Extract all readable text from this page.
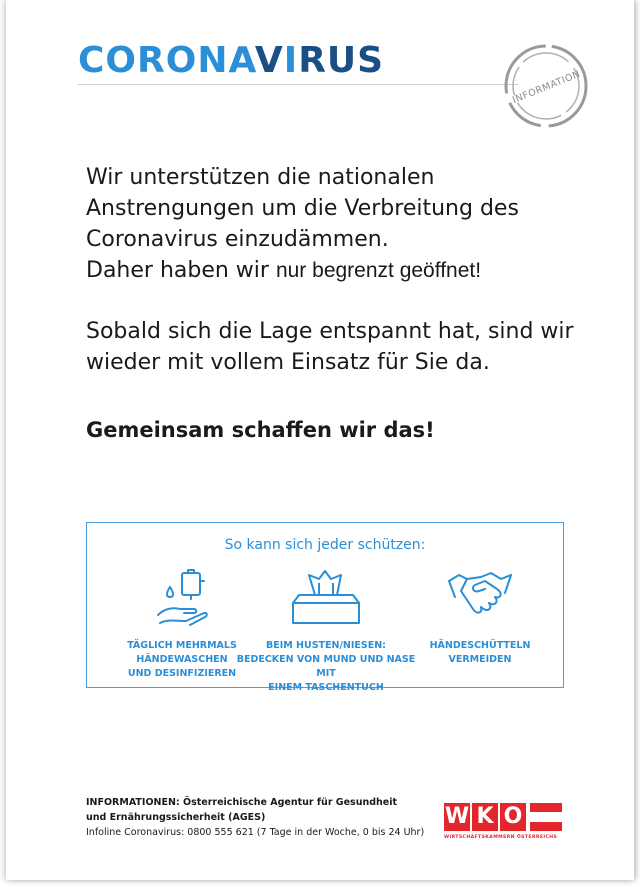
CORONAVIRUS
INFORMATION

Wir unterstützen die nationalen

Anstrengungen um die Verbreitung des

Coronavirus einzudämmen.

Daher haben wir nur begrenzt geöffnet!

Sobald sich die Lage entspannt hat, sind wir

wieder mit vollem Einsatz für Sie da.

Gemeinsam schaffen wir das!
So kann sich jeder schützen:
TÄGLICH MEHRMALS
HÄNDEWASCHEN
UND DESINFIZIEREN
BEIM HUSTEN/NIESEN:
BEDECKEN VON MUND UND NASE MIT
EINEM TASCHENTUCH
HÄNDESCHÜTTELN
VERMEIDEN
INFORMATIONEN: Österreichische Agentur für Gesundheit
und Ernährungssicherheit (AGES)
Infoline Coronavirus: 0800 555 621 (7 Tage in der Woche, 0 bis 24 Uhr)
W K O
WIRTSCHAFTSKAMMERN ÖSTERREICHS
